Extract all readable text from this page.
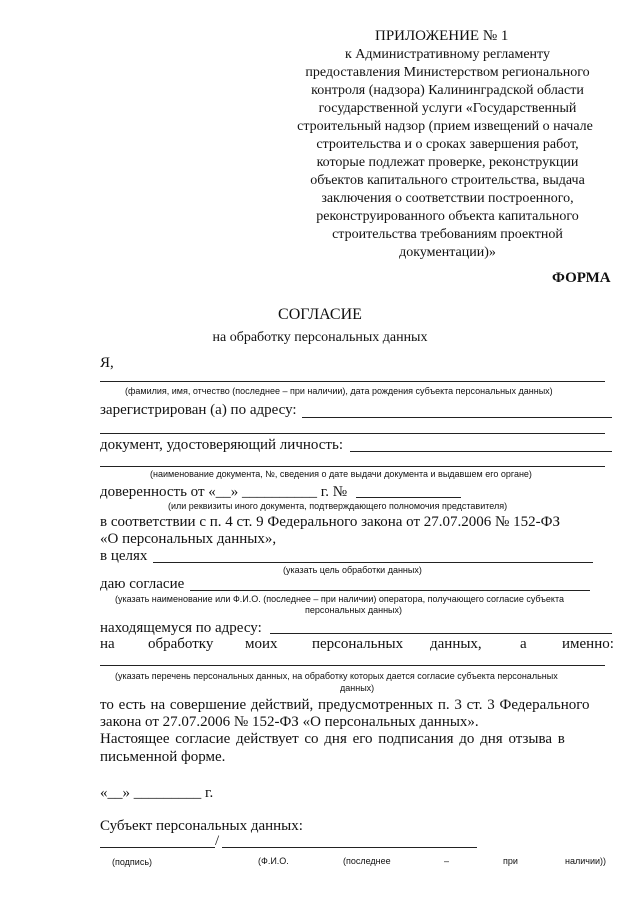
ПРИЛОЖЕНИЕ № 1
к Административному регламенту
предоставления Министерством регионального
контроля (надзора) Калининградской области
государственной услуги «Государственный
строительный надзор (прием извещений о начале
строительства и о сроках завершения работ,
которые подлежат проверке, реконструкции
объектов капитального строительства, выдача
заключения о соответствии построенного,
реконструированного объекта капитального
строительства требованиям проектной
документации)»
ФОРМА
СОГЛАСИЕ
на обработку персональных данных
Я,
(фамилия, имя, отчество (последнее – при наличии), дата рождения субъекта персональных данных)
зарегистрирован (а) по адресу:
документ, удостоверяющий личность:
(наименование документа, №, сведения о дате выдачи документа и выдавшем его органе)
доверенность от «__» __________ г. №
(или реквизиты иного документа, подтверждающего полномочия представителя)
в соответствии с п. 4 ст. 9 Федерального закона от 27.07.2006 № 152-ФЗ
«О персональных данных»,
в целях
(указать цель обработки данных)
даю согласие
(указать наименование или Ф.И.О. (последнее – при наличии) оператора, получающего согласие субъекта
персональных данных)
находящемуся по адресу:
на обработку моих персональных данных,	а именно:
(указать перечень персональных данных, на обработку которых дается согласие субъекта персональных
данных)
то есть на совершение действий, предусмотренных п. 3 ст. 3 Федерального
закона от 27.07.2006 № 152-ФЗ «О персональных данных».
Настоящее согласие действует со дня его подписания до дня отзыва в
письменной форме.
«__» _________ г.
Субъект персональных данных:
/
(подпись)	(Ф.И.О.	(последнее	–	при	наличии))
